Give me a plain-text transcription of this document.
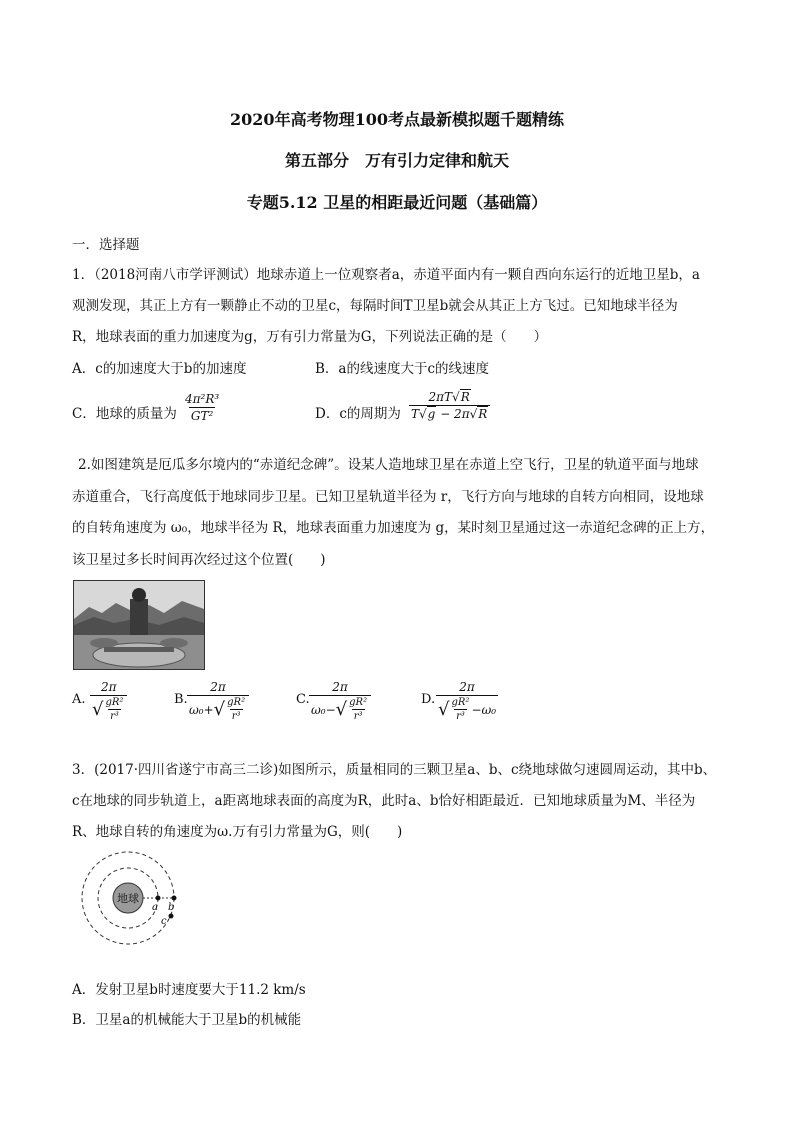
2020年高考物理100考点最新模拟题千题精练
第五部分　万有引力定律和航天
专题5.12 卫星的相距最近问题（基础篇）
一．选择题
1．（2018河南八市学评测试）地球赤道上一位观察者a，赤道平面内有一颗自西向东运行的近地卫星b，a
观测发现，其正上方有一颗静止不动的卫星c，每隔时间T卫星b就会从其正上方飞过。已知地球半径为
R，地球表面的重力加速度为g，万有引力常量为G，下列说法正确的是（　　）
A．c的加速度大于b的加速度	B．a的线速度大于c的线速度
C．地球的质量为 $\frac{\text{4π²R³}}{\text{GT²}}$	D．c的周期为 $\frac{2\pi T√R}{T√g - 2\pi√R}$
2.如图建筑是厄瓜多尔境内的“赤道纪念碑”。设某人造地球卫星在赤道上空飞行，卫星的轨道平面与地球
赤道重合，飞行高度低于地球同步卫星。已知卫星轨道半径为 r，飞行方向与地球的自转方向相同，设地球
的自转角速度为 ω₀，地球半径为 R，地球表面重力加速度为 g，某时刻卫星通过这一赤道纪念碑的正上方，
该卫星过多长时间再次经过这个位置(　　)
A. $\frac{2\pi}{√ \frac{\text{gR²}}{\text{r³}}}$	B. $\frac{2\pi}{\omega_0 + √ \frac{\text{gR²}}{\text{r³}}}$	C. $\frac{2\pi}{\omega_0 - √ \frac{\text{gR²}}{\text{r³}}}$	D. $\frac{2\pi}{√ \frac{\text{gR²}}{\text{r³}} - \omega_0}$
3．(2017·四川省遂宁市高三二诊)如图所示，质量相同的三颗卫星a、b、c绕地球做匀速圆周运动，其中b、
c在地球的同步轨道上，a距离地球表面的高度为R，此时a、b恰好相距最近．已知地球质量为M、半径为
R、地球自转的角速度为ω.万有引力常量为G，则(　　)
地球
a b
c
A．发射卫星b时速度要大于11.2 km/s
B．卫星a的机械能大于卫星b的机械能
